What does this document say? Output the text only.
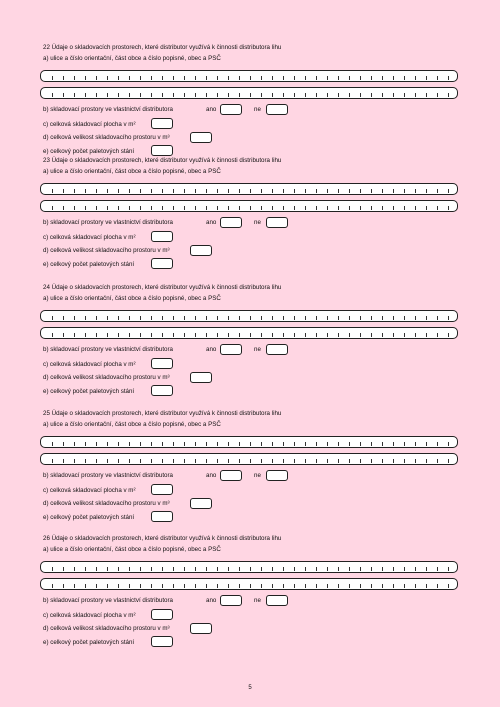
22 Údaje o skladovacích prostorech, které distributor využívá k činnosti distributora lihu
a) ulice a číslo orientační, část obce a číslo popisné, obec a PSČ
b) skladovací prostory ve vlastnictví distributora	ano	ne
c) celková skladovací plocha v m²
d) celková velikost skladovacího prostoru v m³
e) celkový počet paletových stání
23 Údaje o skladovacích prostorech, které distributor využívá k činnosti distributora lihu
a) ulice a číslo orientační, část obce a číslo popisné, obec a PSČ
b) skladovací prostory ve vlastnictví distributora	ano	ne
c) celková skladovací plocha v m²
d) celková velikost skladovacího prostoru v m³
e) celkový počet paletových stání
24 Údaje o skladovacích prostorech, které distributor využívá k činnosti distributora lihu
a) ulice a číslo orientační, část obce a číslo popisné, obec a PSČ
b) skladovací prostory ve vlastnictví distributora	ano	ne
c) celková skladovací plocha v m²
d) celková velikost skladovacího prostoru v m³
e) celkový počet paletových stání
25 Údaje o skladovacích prostorech, které distributor využívá k činnosti distributora lihu
a) ulice a číslo orientační, část obce a číslo popisné, obec a PSČ
b) skladovací prostory ve vlastnictví distributora	ano	ne
c) celková skladovací plocha v m²
d) celková velikost skladovacího prostoru v m³
e) celkový počet paletových stání
26 Údaje o skladovacích prostorech, které distributor využívá k činnosti distributora lihu
a) ulice a číslo orientační, část obce a číslo popisné, obec a PSČ
b) skladovací prostory ve vlastnictví distributora	ano	ne
c) celková skladovací plocha v m²
d) celková velikost skladovacího prostoru v m³
e) celkový počet paletových stání
5
